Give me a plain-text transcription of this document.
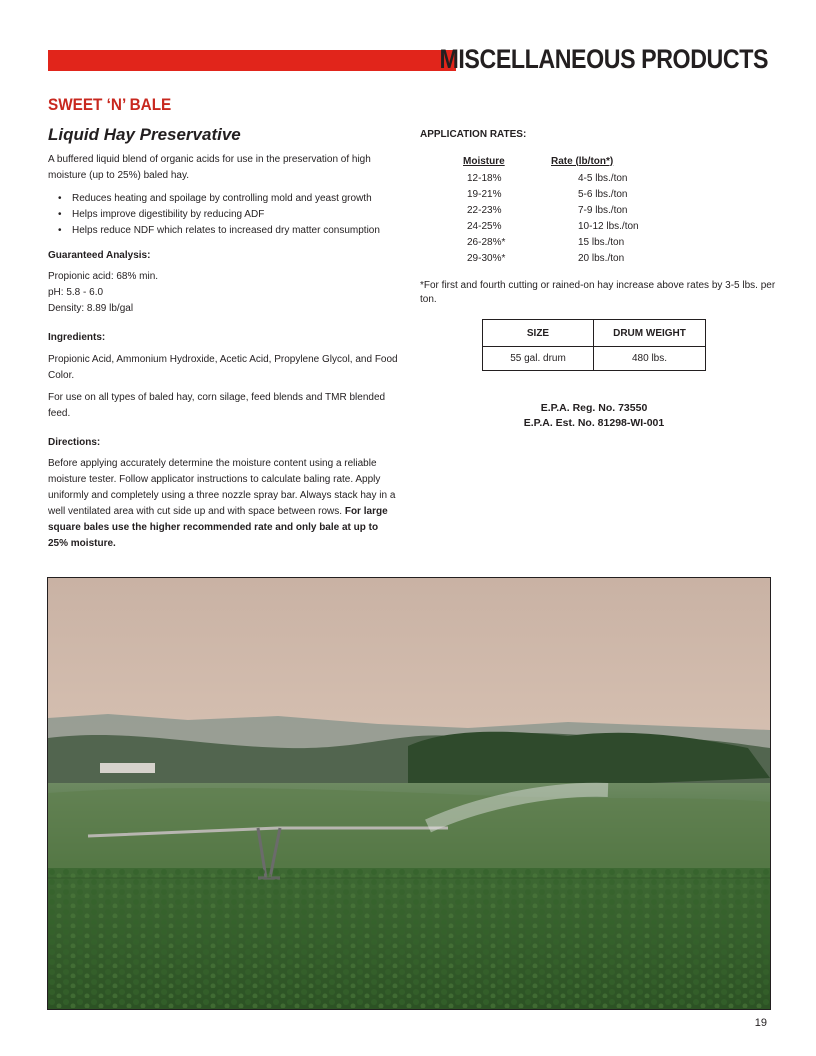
MISCELLANEOUS PRODUCTS
SWEET ‘N’ BALE
Liquid Hay Preservative

A buffered liquid blend of organic acids for use in the preservation of high moisture (up to 25%) baled hay.

• Reduces heating and spoilage by controlling mold and yeast growth
• Helps improve digestibility by reducing ADF
• Helps reduce NDF which relates to increased dry matter consumption

Guaranteed Analysis:

Propionic acid: 68% min.

pH: 5.8 - 6.0

Density: 8.89 lb/gal

Ingredients:

Propionic Acid, Ammonium Hydroxide, Acetic Acid, Propylene Glycol, and Food Color.

For use on all types of baled hay, corn silage, feed blends and TMR blended feed.

Directions:

Before applying accurately determine the moisture content using a reliable moisture tester. Follow applicator instructions to calculate baling rate. Apply uniformly and completely using a three nozzle spray bar. Always stack hay in a well ventilated area with cut side up and with space between rows. For large square bales use the higher recommended rate and only bale at up to 25% moisture.

APPLICATION RATES:

Moisture	Rate (lb/ton*)
12-18%	4-5 lbs./ton
19-21%	5-6 lbs./ton
22-23%	7-9 lbs./ton
24-25%	10-12 lbs./ton
26-28%*	15 lbs./ton
29-30%*	20 lbs./ton

*For first and fourth cutting or rained-on hay increase above rates by 3-5 lbs. per ton.

SIZE	DRUM WEIGHT
55 gal. drum	480 lbs.
E.P.A. Reg. No. 73550
E.P.A. Est. No. 81298-WI-001
19
